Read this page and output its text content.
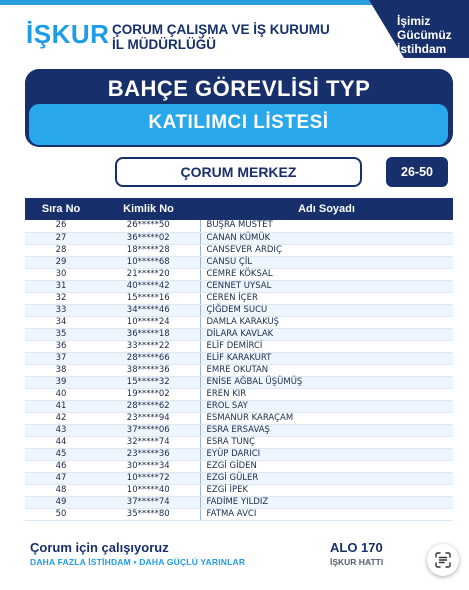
İŞKUR ÇORUM ÇALIŞMA VE İŞ KURUMU
İL MÜDÜRLÜĞÜ
İşimiz
Gücümüz
İstihdam
BAHÇE GÖREVLİSİ TYP
KATILIMCI LİSTESİ
ÇORUM MERKEZ	26-50
Sıra No	Kimlik No	Adı Soyadı
26	26*****50	BÜŞRA MÜSTET
27	36*****02	CANAN KÜMÜK
28	18*****28	CANSEVER ARDIÇ
29	10*****68	CANSU ÇİL
30	21*****20	CEMRE KÖKSAL
31	40*****42	CENNET UYSAL
32	15*****16	CEREN İÇER
33	34*****46	ÇİĞDEM SUCU
34	10*****24	DAMLA KARAKUŞ
35	36*****18	DİLARA KAVLAK
36	33*****22	ELİF DEMİRCİ
37	28*****66	ELİF KARAKURT
38	38*****36	EMRE OKUTAN
39	15*****32	ENİSE AĞBAL ÜŞÜMÜŞ
40	19*****02	EREN KIR
41	28*****62	EROL SAY
42	23*****94	ESMANUR KARAÇAM
43	37*****06	ESRA ERSAVAŞ
44	32*****74	ESRA TUNÇ
45	23*****36	EYÜP DARICI
46	30*****34	EZGİ GİDEN
47	10*****72	EZGİ GÜLER
48	10*****40	EZGİ İPEK
49	37*****74	FADİME YILDIZ
50	35*****80	FATMA AVCI
Çorum için çalışıyoruz
DAHA FAZLA İSTİHDAM • DAHA GÜÇLÜ YARINLAR
ALO 170
İŞKUR HATTI
